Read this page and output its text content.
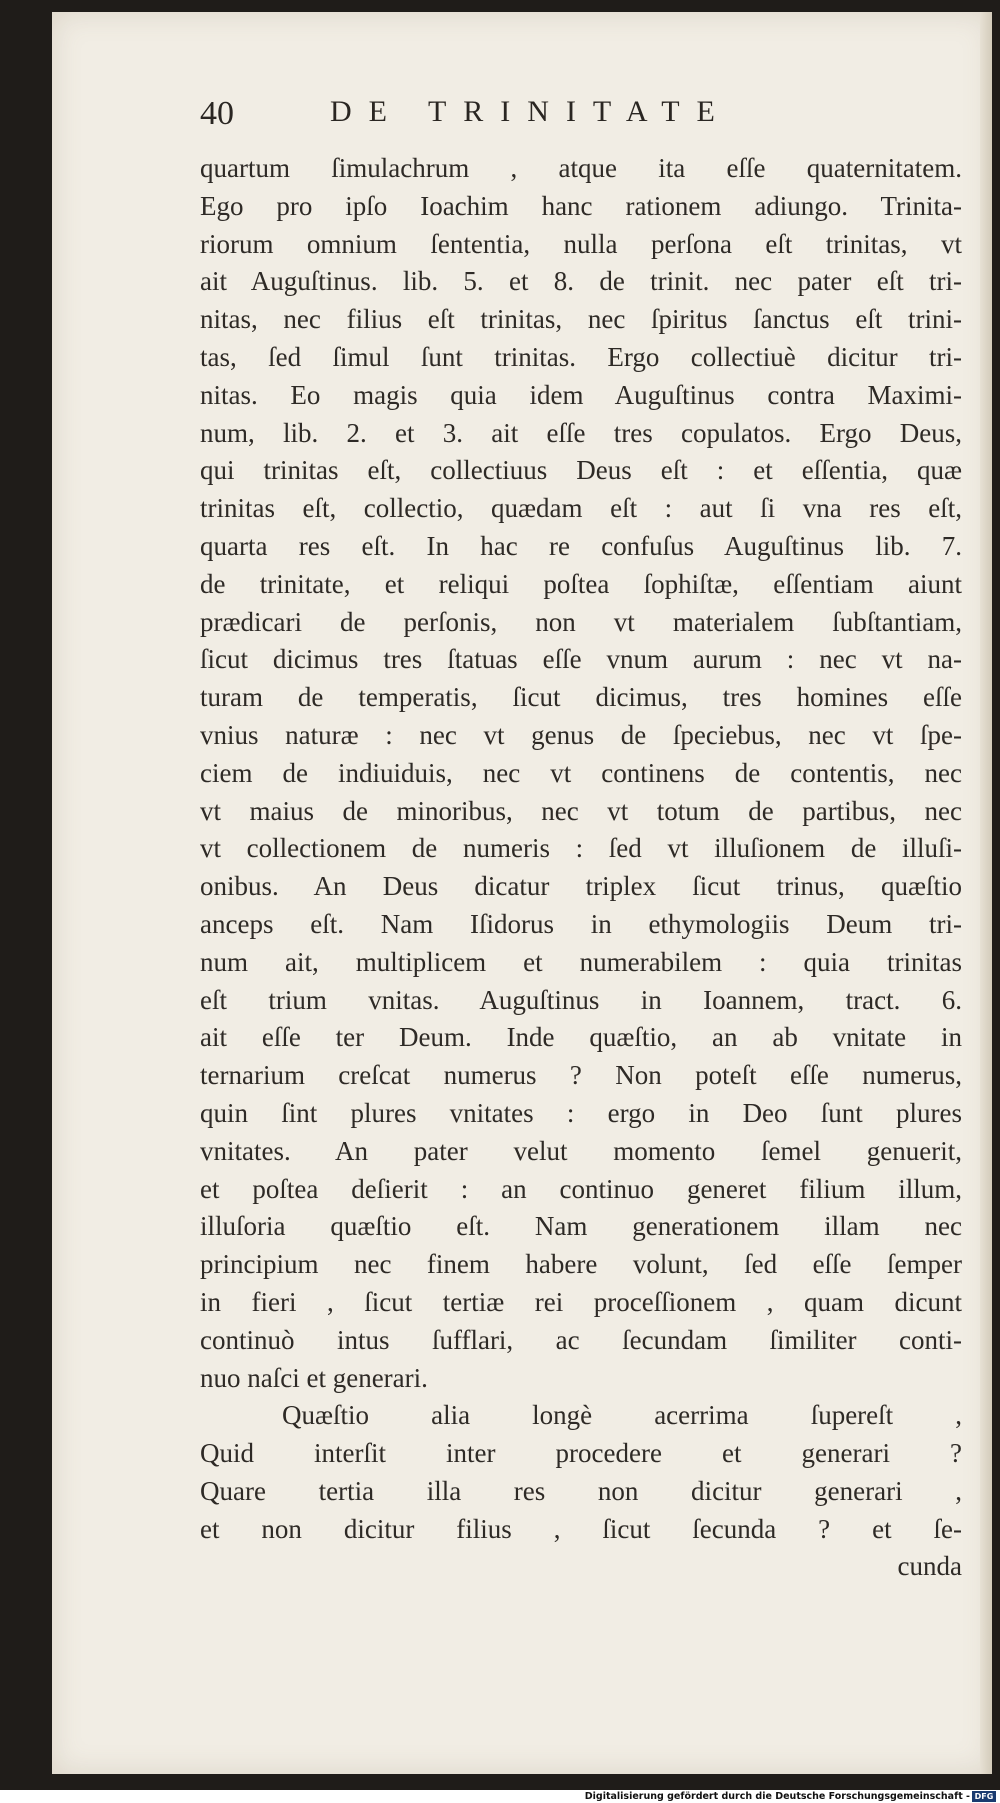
40	DE TRINITATE
quartum ſimulachrum , atque ita eſſe quaternitatem.
Ego pro ipſo Ioachim hanc rationem adiungo. Trinita-
riorum omnium ſententia, nulla perſona eſt trinitas, vt
ait Auguſtinus. lib. 5. et 8. de trinit. nec pater eſt tri-
nitas, nec filius eſt trinitas, nec ſpiritus ſanctus eſt trini-
tas, ſed ſimul ſunt trinitas. Ergo collectiuè dicitur tri-
nitas. Eo magis quia idem Auguſtinus contra Maximi-
num, lib. 2. et 3. ait eſſe tres copulatos. Ergo Deus,
qui trinitas eſt, collectiuus Deus eſt : et eſſentia, quæ
trinitas eſt, collectio, quædam eſt : aut ſi vna res eſt,
quarta res eſt. In hac re confuſus Auguſtinus lib. 7.
de trinitate, et reliqui poſtea ſophiſtæ, eſſentiam aiunt
prædicari de perſonis, non vt materialem ſubſtantiam,
ſicut dicimus tres ſtatuas eſſe vnum aurum : nec vt na-
turam de temperatis, ſicut dicimus, tres homines eſſe
vnius naturæ : nec vt genus de ſpeciebus, nec vt ſpe-
ciem de indiuiduis, nec vt continens de contentis, nec
vt maius de minoribus, nec vt totum de partibus, nec
vt collectionem de numeris : ſed vt illuſionem de illuſi-
onibus. An Deus dicatur triplex ſicut trinus, quæſtio
anceps eſt. Nam Iſidorus in ethymologiis Deum tri-
num ait, multiplicem et numerabilem : quia trinitas
eſt trium vnitas. Auguſtinus in Ioannem, tract. 6.
ait eſſe ter Deum. Inde quæſtio, an ab vnitate in
ternarium creſcat numerus ? Non poteſt eſſe numerus,
quin ſint plures vnitates : ergo in Deo ſunt plures
vnitates. An pater velut momento ſemel genuerit,
et poſtea deſierit : an continuo generet filium illum,
illuſoria quæſtio eſt. Nam generationem illam nec
principium nec finem habere volunt, ſed eſſe ſemper
in fieri , ſicut tertiæ rei proceſſionem , quam dicunt
continuò intus ſufflari, ac ſecundam ſimiliter conti-
nuo naſci et generari.
Quæſtio alia longè acerrima ſupereſt ,
Quid interſit inter procedere et generari ?
Quare tertia illa res non dicitur generari ,
et non dicitur filius , ſicut ſecunda ? et ſe-
cunda
Digitalisierung gefördert durch die Deutsche Forschungsgemeinschaft - DFG
